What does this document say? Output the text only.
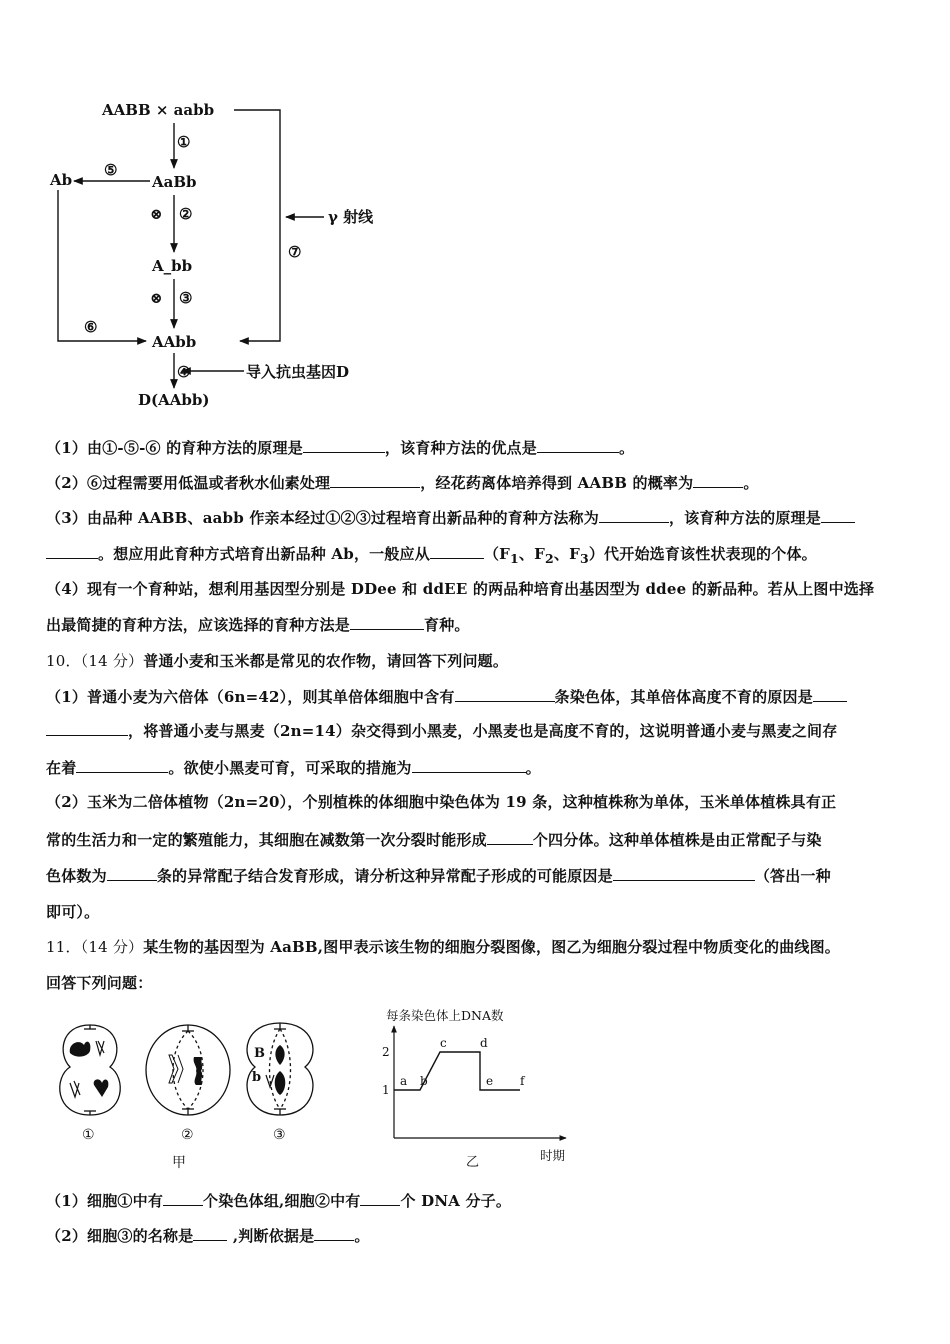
AABB × aabb
①
AaBb
⑤
Ab
⊗ ②
A_bb
⊗ ③
⑥
AAbb
④	导入抗虫基因D
D(AAbb)
γ 射线
⑦
（1）由①-⑤-⑥ 的育种方法的原理是	，该育种方法的优点是	。
（2）⑥过程需要用低温或者秋水仙素处理	，经花药离体培养得到 AABB 的概率为	。
（3）由品种 AABB、aabb 作亲本经过①②③过程培育出新品种的育种方法称为	，该育种方法的原理是
。想应用此育种方式培育出新品种 Ab，一般应从	（$F_1$、$F_2$、$F_3$）代开始选育该性状表现的个体。
（4）现有一个育种站，想利用基因型分别是 DDee 和 ddEE 的两品种培育出基因型为 ddee 的新品种。若从上图中选择
出最简捷的育种方法，应该选择的育种方法是	育种。
10．（14 分）普通小麦和玉米都是常见的农作物，请回答下列问题。
（1）普通小麦为六倍体（6n=42），则其单倍体细胞中含有	条染色体，其单倍体高度不育的原因是
，将普通小麦与黑麦（2n=14）杂交得到小黑麦，小黑麦也是高度不育的，这说明普通小麦与黑麦之间存
在着	。欲使小黑麦可育，可采取的措施为	。
（2）玉米为二倍体植物（2n=20），个别植株的体细胞中染色体为 19 条，这种植株称为单体，玉米单体植株具有正
常的生活力和一定的繁殖能力，其细胞在减数第一次分裂时能形成	个四分体。这种单体植株是由正常配子与染
色体数为	条的异常配子结合发育形成，请分析这种异常配子形成的可能原因是	（答出一种
即可）。
11．（14 分）某生物的基因型为 AaBB,图甲表示该生物的细胞分裂图像，图乙为细胞分裂过程中物质变化的曲线图。
回答下列问题：
B
b
①	②	③
甲
每条染色体上DNA数
时期
1
2
a b
c	d
e f
乙
（1）细胞①中有	个染色体组,细胞②中有	个 DNA 分子。
（2）细胞③的名称是 ,判断依据是	。
